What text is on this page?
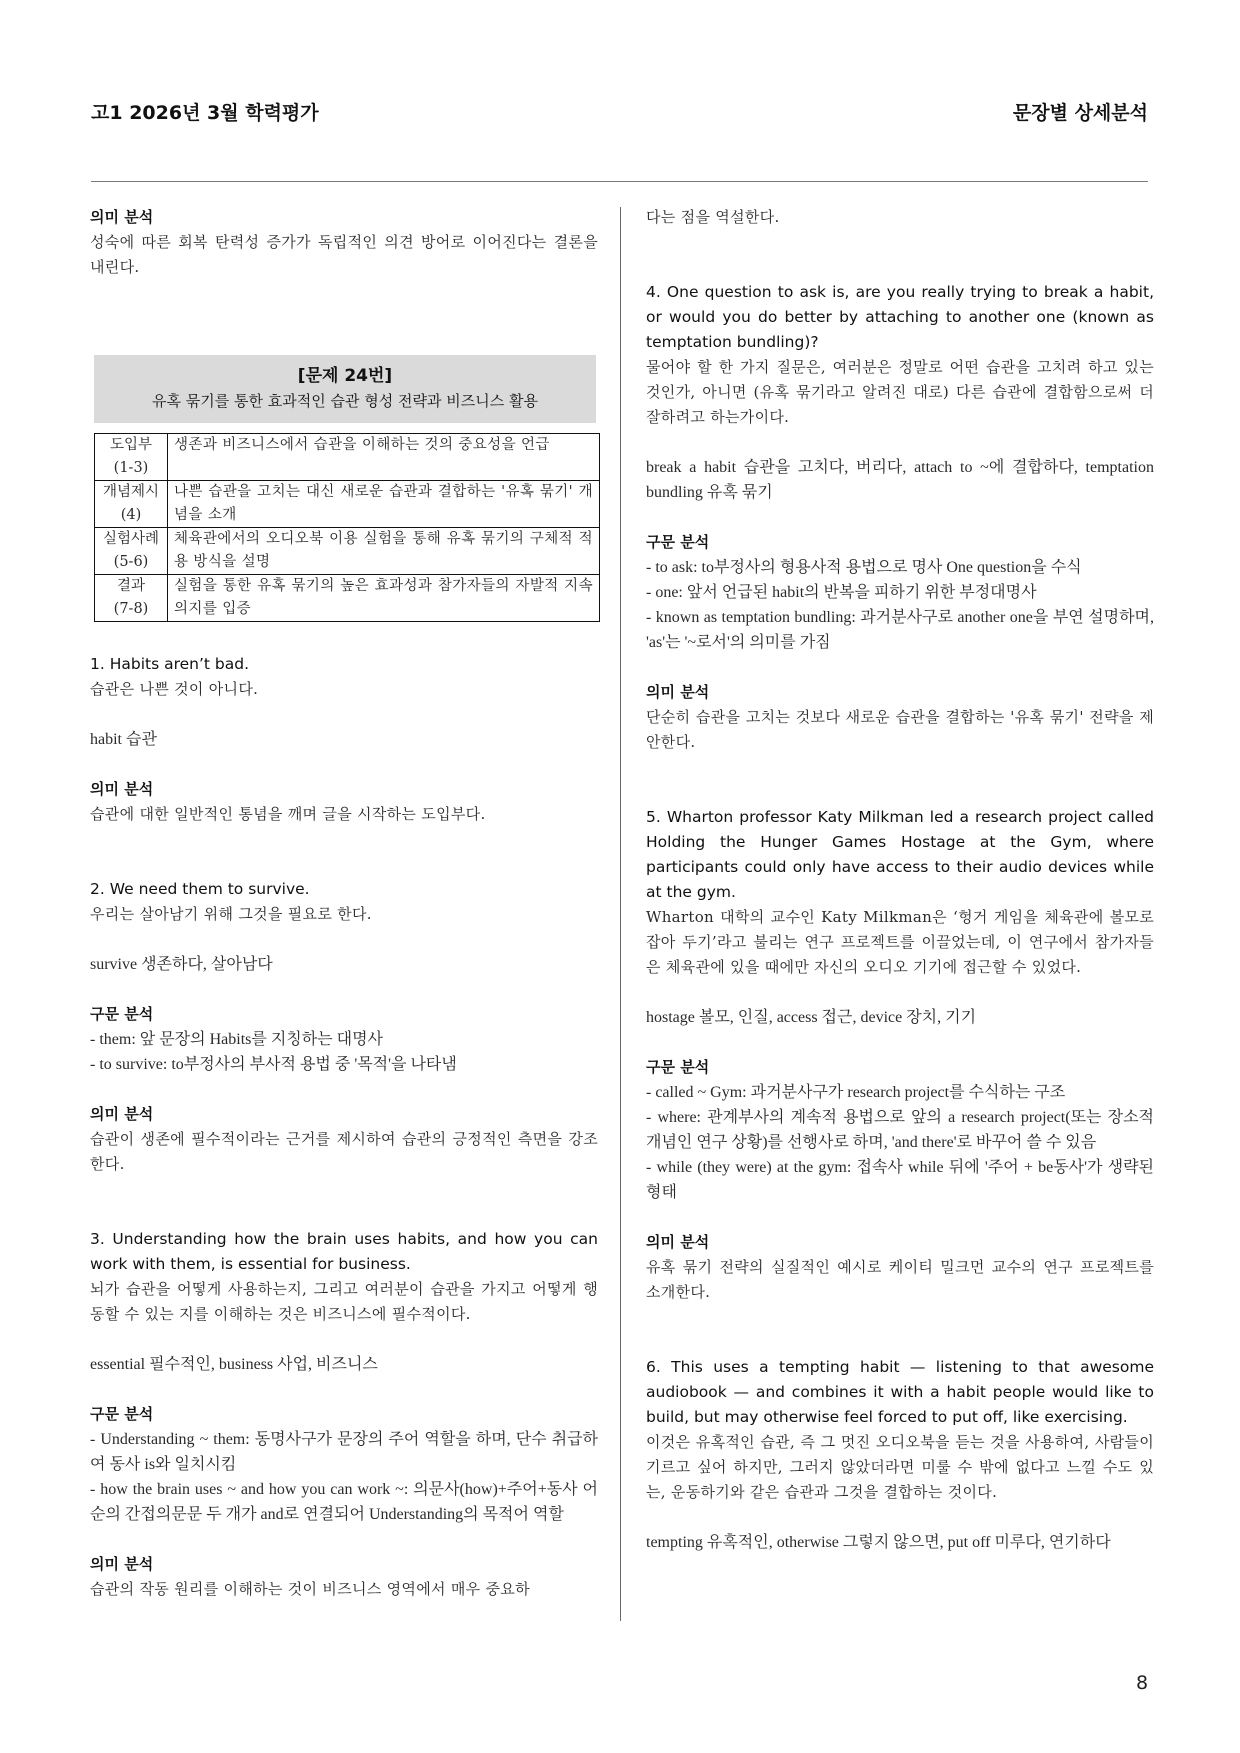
고1 2026년 3월 학력평가	문장별 상세분석
의미 분석
성숙에 따른 회복 탄력성 증가가 독립적인 의견 방어로 이어진다는 결론을 내린다.
[문제 24번]
유혹 묶기를 통한 효과적인 습관 형성 전략과 비즈니스 활용
도입부
(1-3)	생존과 비즈니스에서 습관을 이해하는 것의 중요성을 언급
개념제시
(4)	나쁜 습관을 고치는 대신 새로운 습관과 결합하는 '유혹 묶기' 개념을 소개
실험사례
(5-6)	체육관에서의 오디오북 이용 실험을 통해 유혹 묶기의 구체적 적용 방식을 설명
결과
(7-8)	실험을 통한 유혹 묶기의 높은 효과성과 참가자들의 자발적 지속 의지를 입증
1. Habits aren’t bad.
습관은 나쁜 것이 아니다.
habit 습관
의미 분석
습관에 대한 일반적인 통념을 깨며 글을 시작하는 도입부다.
2. We need them to survive.
우리는 살아남기 위해 그것을 필요로 한다.
survive 생존하다, 살아남다
구문 분석
- them: 앞 문장의 Habits를 지칭하는 대명사
- to survive: to부정사의 부사적 용법 중 '목적'을 나타냄
의미 분석
습관이 생존에 필수적이라는 근거를 제시하여 습관의 긍정적인 측면을 강조한다.
3. Understanding how the brain uses habits, and how you can work with them, is essential for business.
뇌가 습관을 어떻게 사용하는지, 그리고 여러분이 습관을 가지고 어떻게 행동할 수 있는 지를 이해하는 것은 비즈니스에 필수적이다.
essential 필수적인, business 사업, 비즈니스
구문 분석
- Understanding ~ them: 동명사구가 문장의 주어 역할을 하며, 단수 취급하여 동사 is와 일치시킴
- how the brain uses ~ and how you can work ~: 의문사(how)+주어+동사 어순의 간접의문문 두 개가 and로 연결되어 Understanding의 목적어 역할
의미 분석
습관의 작동 원리를 이해하는 것이 비즈니스 영역에서 매우 중요하
다는 점을 역설한다.
4. One question to ask is, are you really trying to break a habit, or would you do better by attaching to another one (known as temptation bundling)?
물어야 할 한 가지 질문은, 여러분은 정말로 어떤 습관을 고치려 하고 있는 것인가, 아니면 (유혹 묶기라고 알려진 대로) 다른 습관에 결합함으로써 더 잘하려고 하는가이다.
break a habit 습관을 고치다, 버리다, attach to ~에 결합하다, temptation bundling 유혹 묶기
구문 분석
- to ask: to부정사의 형용사적 용법으로 명사 One question을 수식
- one: 앞서 언급된 habit의 반복을 피하기 위한 부정대명사
- known as temptation bundling: 과거분사구로 another one을 부연 설명하며, 'as'는 '~로서'의 의미를 가짐
의미 분석
단순히 습관을 고치는 것보다 새로운 습관을 결합하는 '유혹 묶기' 전략을 제안한다.
5. Wharton professor Katy Milkman led a research project called Holding the Hunger Games Hostage at the Gym, where participants could only have access to their audio devices while at the gym.
Wharton 대학의 교수인 Katy Milkman은 ‘헝거 게임을 체육관에 볼모로 잡아 두기’라고 불리는 연구 프로젝트를 이끌었는데, 이 연구에서 참가자들은 체육관에 있을 때에만 자신의 오디오 기기에 접근할 수 있었다.
hostage 볼모, 인질, access 접근, device 장치, 기기
구문 분석
- called ~ Gym: 과거분사구가 research project를 수식하는 구조
- where: 관계부사의 계속적 용법으로 앞의 a research project(또는 장소적 개념인 연구 상황)를 선행사로 하며, 'and there'로 바꾸어 쓸 수 있음
- while (they were) at the gym: 접속사 while 뒤에 '주어 + be동사'가 생략된 형태
의미 분석
유혹 묶기 전략의 실질적인 예시로 케이티 밀크먼 교수의 연구 프로젝트를 소개한다.
6. This uses a tempting habit — listening to that awesome audiobook — and combines it with a habit people would like to build, but may otherwise feel forced to put off, like exercising.
이것은 유혹적인 습관, 즉 그 멋진 오디오북을 듣는 것을 사용하여, 사람들이 기르고 싶어 하지만, 그러지 않았더라면 미룰 수 밖에 없다고 느낄 수도 있는, 운동하기와 같은 습관과 그것을 결합하는 것이다.
tempting 유혹적인, otherwise 그렇지 않으면, put off 미루다, 연기하다
8
